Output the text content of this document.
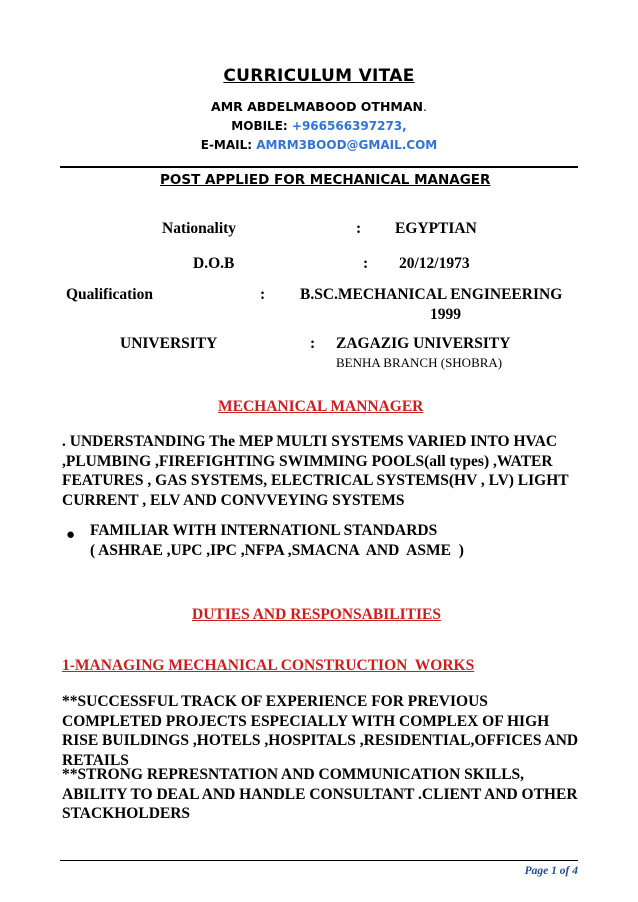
CURRICULUM VITAE
AMR ABDELMABOOD OTHMAN.
MOBILE: +966566397273,
E-MAIL: AMRM3BOOD@GMAIL.COM
POST APPLIED FOR MECHANICAL MANAGER
Nationality	: EGYPTIAN
D.O.B	: 20/12/1973
Qualification	: B.SC.MECHANICAL ENGINEERING
1999
UNIVERSITY	: ZAGAZIG UNIVERSITY
BENHA BRANCH (SHOBRA)
MECHANICAL MANNAGER
. UNDERSTANDING The MEP MULTI SYSTEMS VARIED INTO HVAC ,PLUMBING ,FIREFIGHTING SWIMMING POOLS(all types) ,WATER FEATURES , GAS SYSTEMS, ELECTRICAL SYSTEMS(HV , LV) LIGHT CURRENT , ELV AND CONVVEYING SYSTEMS
● FAMILIAR WITH INTERNATIONL STANDARDS
( ASHRAE ,UPC ,IPC ,NFPA ,SMACNA  AND  ASME  )
DUTIES AND RESPONSABILITIES
1-MANAGING MECHANICAL CONSTRUCTION  WORKS
**SUCCESSFUL TRACK OF EXPERIENCE FOR PREVIOUS COMPLETED PROJECTS ESPECIALLY WITH COMPLEX OF HIGH RISE BUILDINGS ,HOTELS ,HOSPITALS ,RESIDENTIAL,OFFICES AND RETAILS
**STRONG REPRESNTATION AND COMMUNICATION SKILLS, ABILITY TO DEAL AND HANDLE CONSULTANT .CLIENT AND OTHER STACKHOLDERS
Page 1 of 4
